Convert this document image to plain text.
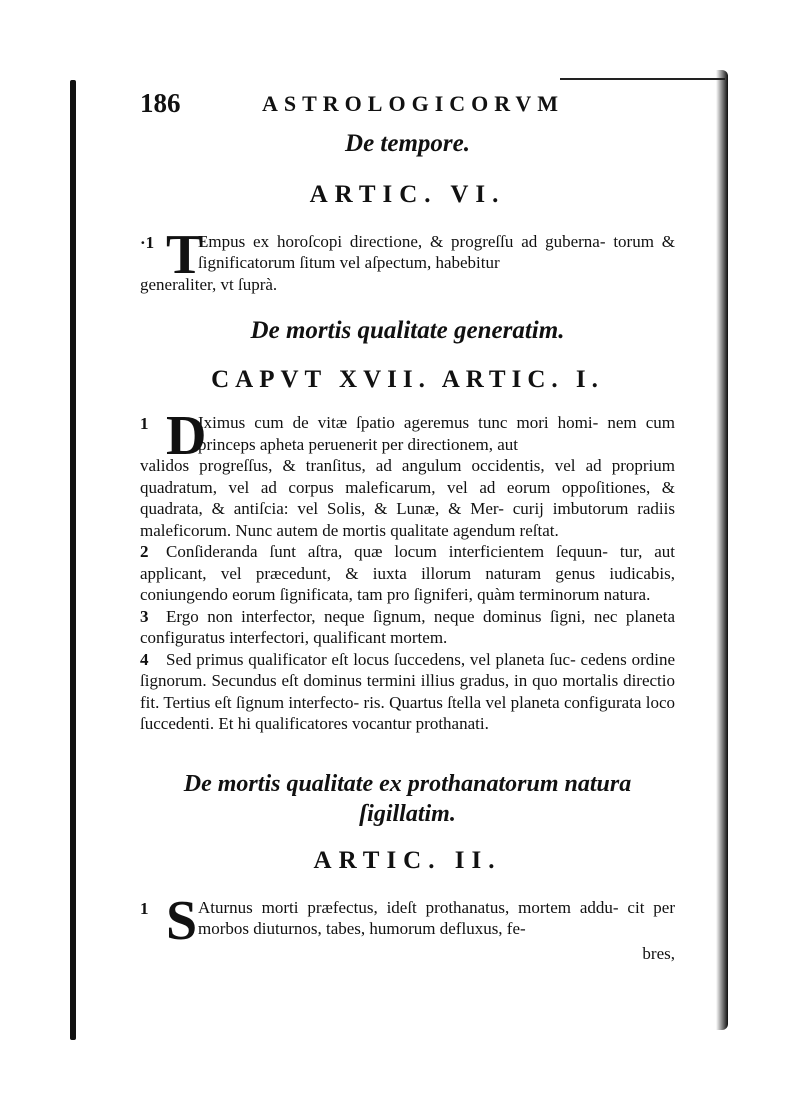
186	ASTROLOGICORVM
De tempore.
ARTIC. VI.
·1 T
Empus ex horoſcopi directione, & progreſſu ad guberna- torum & ſignificatorum ſitum vel aſpectum, habebitur
generaliter, vt ſuprà.
De mortis qualitate generatim.
CAPVT XVII. ARTIC. I.
1 D
Iximus cum de vitæ ſpatio ageremus tunc mori homi- nem cum princeps apheta peruenerit per directionem, aut
validos progreſſus, & tranſitus, ad angulum occidentis, vel ad proprium quadratum, vel ad corpus maleficarum, vel ad eorum oppoſitiones, & quadrata, & antiſcia: vel Solis, & Lunæ, & Mer- curij imbutorum radiis maleficorum. Nunc autem de mortis qualitate agendum reſtat.

2 Conſideranda ſunt aſtra, quæ locum interficientem ſequun- tur, aut applicant, vel præcedunt, & iuxta illorum naturam genus iudicabis, coniungendo eorum ſignificata, tam pro ſigniferi, quàm terminorum natura.

3 Ergo non interfector, neque ſignum, neque dominus ſigni, nec planeta configuratus interfectori, qualificant mortem.

4 Sed primus qualificator eſt locus ſuccedens, vel planeta ſuc- cedens ordine ſignorum. Secundus eſt dominus termini illius gradus, in quo mortalis directio fit. Tertius eſt ſignum interfecto- ris. Quartus ſtella vel planeta configurata loco ſuccedenti. Et hi qualificatores vocantur prothanati.

De mortis qualitate ex prothanatorum natura
ſigillatim.
ARTIC. II.
1 S Aturnus morti præfectus, ideſt prothanatus, mortem addu- cit per morbos diuturnos, tabes, humorum defluxus, fe-
bres,
